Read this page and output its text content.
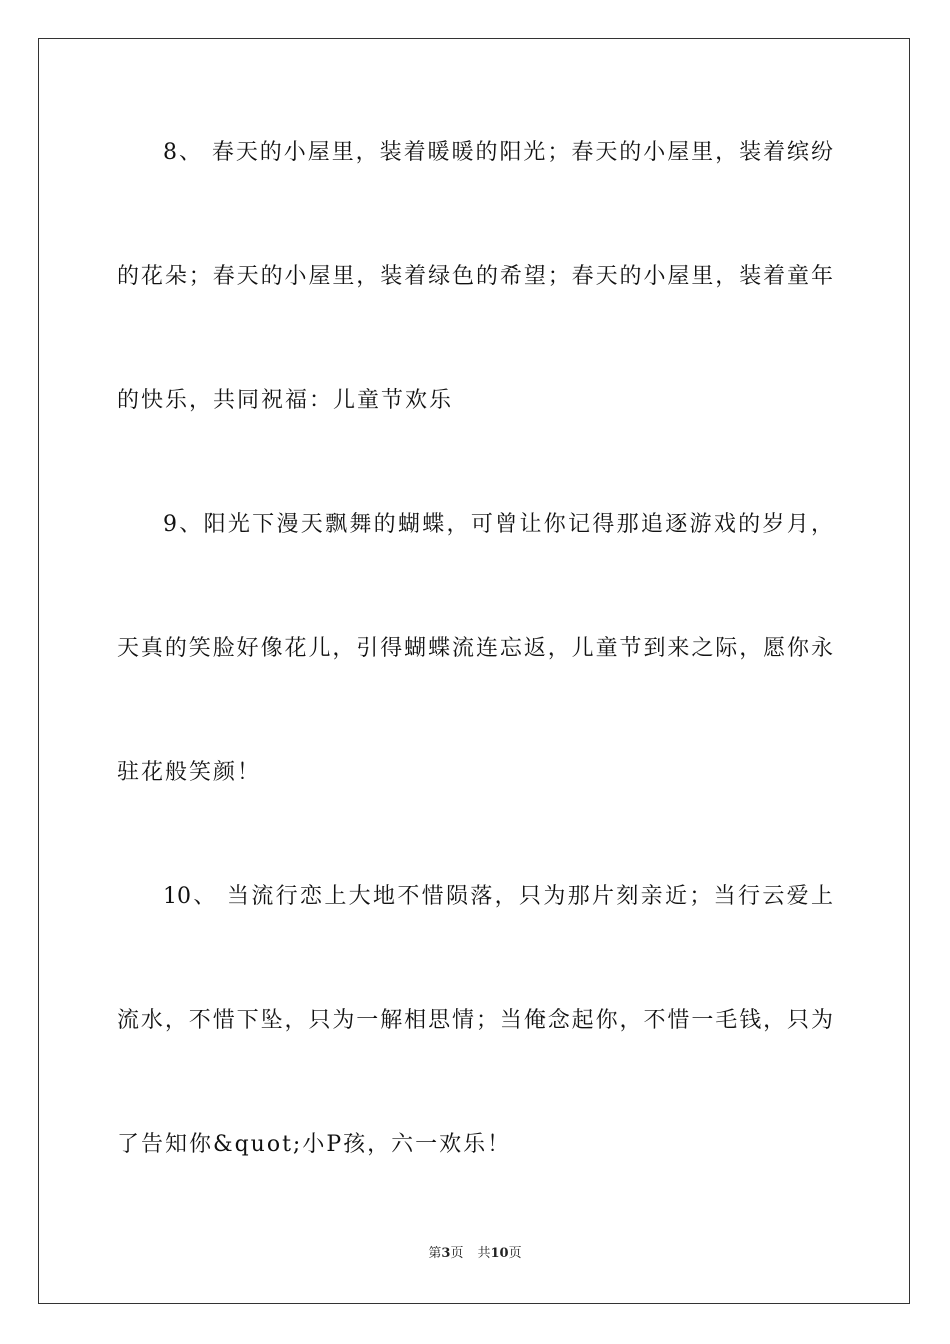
8、 春天的小屋里，装着暖暖的阳光；春天的小屋里，装着缤纷
的花朵；春天的小屋里，装着绿色的希望；春天的小屋里，装着童年
的快乐，共同祝福：儿童节欢乐
9、阳光下漫天飘舞的蝴蝶，可曾让你记得那追逐游戏的岁月，
天真的笑脸好像花儿，引得蝴蝶流连忘返，儿童节到来之际，愿你永
驻花般笑颜！
10、 当流行恋上大地不惜陨落，只为那片刻亲近；当行云爱上
流水，不惜下坠，只为一解相思情；当俺念起你，不惜一毛钱，只为
了告知你&quot;小P孩，六一欢乐！
第3页 共10页
